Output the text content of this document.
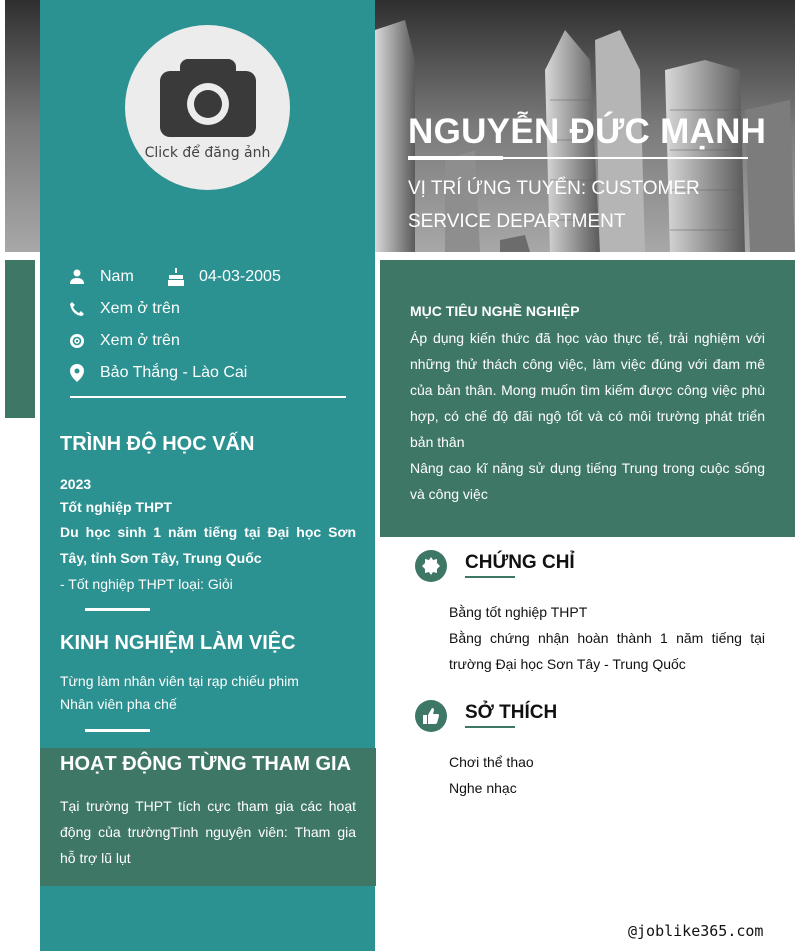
Click để đăng ảnh
NGUYỄN ĐỨC MẠNH
VỊ TRÍ ỨNG TUYỂN: CUSTOMER SERVICE DEPARTMENT
Nam	04-03-2005
Xem ở trên
Xem ở trên
Bảo Thắng - Lào Cai
TRÌNH ĐỘ HỌC VẤN
2023
Tốt nghiệp THPT
Du học sinh 1 năm tiếng tại Đại học Sơn Tây, tỉnh Sơn Tây, Trung Quốc
- Tốt nghiệp THPT loại: Giỏi
KINH NGHIỆM LÀM VIỆC
Từng làm nhân viên tại rạp chiếu phim
Nhân viên pha chế
HOẠT ĐỘNG TỪNG THAM GIA
Tại trường THPT tích cực tham gia các hoạt động của trườngTình nguyện viên: Tham gia hỗ trợ lũ lụt
MỤC TIÊU NGHỀ NGHIỆP
Áp dụng kiến thức đã học vào thực tế, trải nghiệm với những thử thách công việc, làm việc đúng với đam mê của bản thân. Mong muốn tìm kiếm được công việc phù hợp, có chế độ đãi ngộ tốt và có môi trường phát triển bản thân
Nâng cao kĩ năng sử dụng tiếng Trung trong cuộc sống và công việc
CHỨNG CHỈ
Bằng tốt nghiệp THPT
Bằng chứng nhận hoàn thành 1 năm tiếng tại trường Đại học Sơn Tây - Trung Quốc
SỞ THÍCH
Chơi thể thao
Nghe nhạc
@joblike365.com
